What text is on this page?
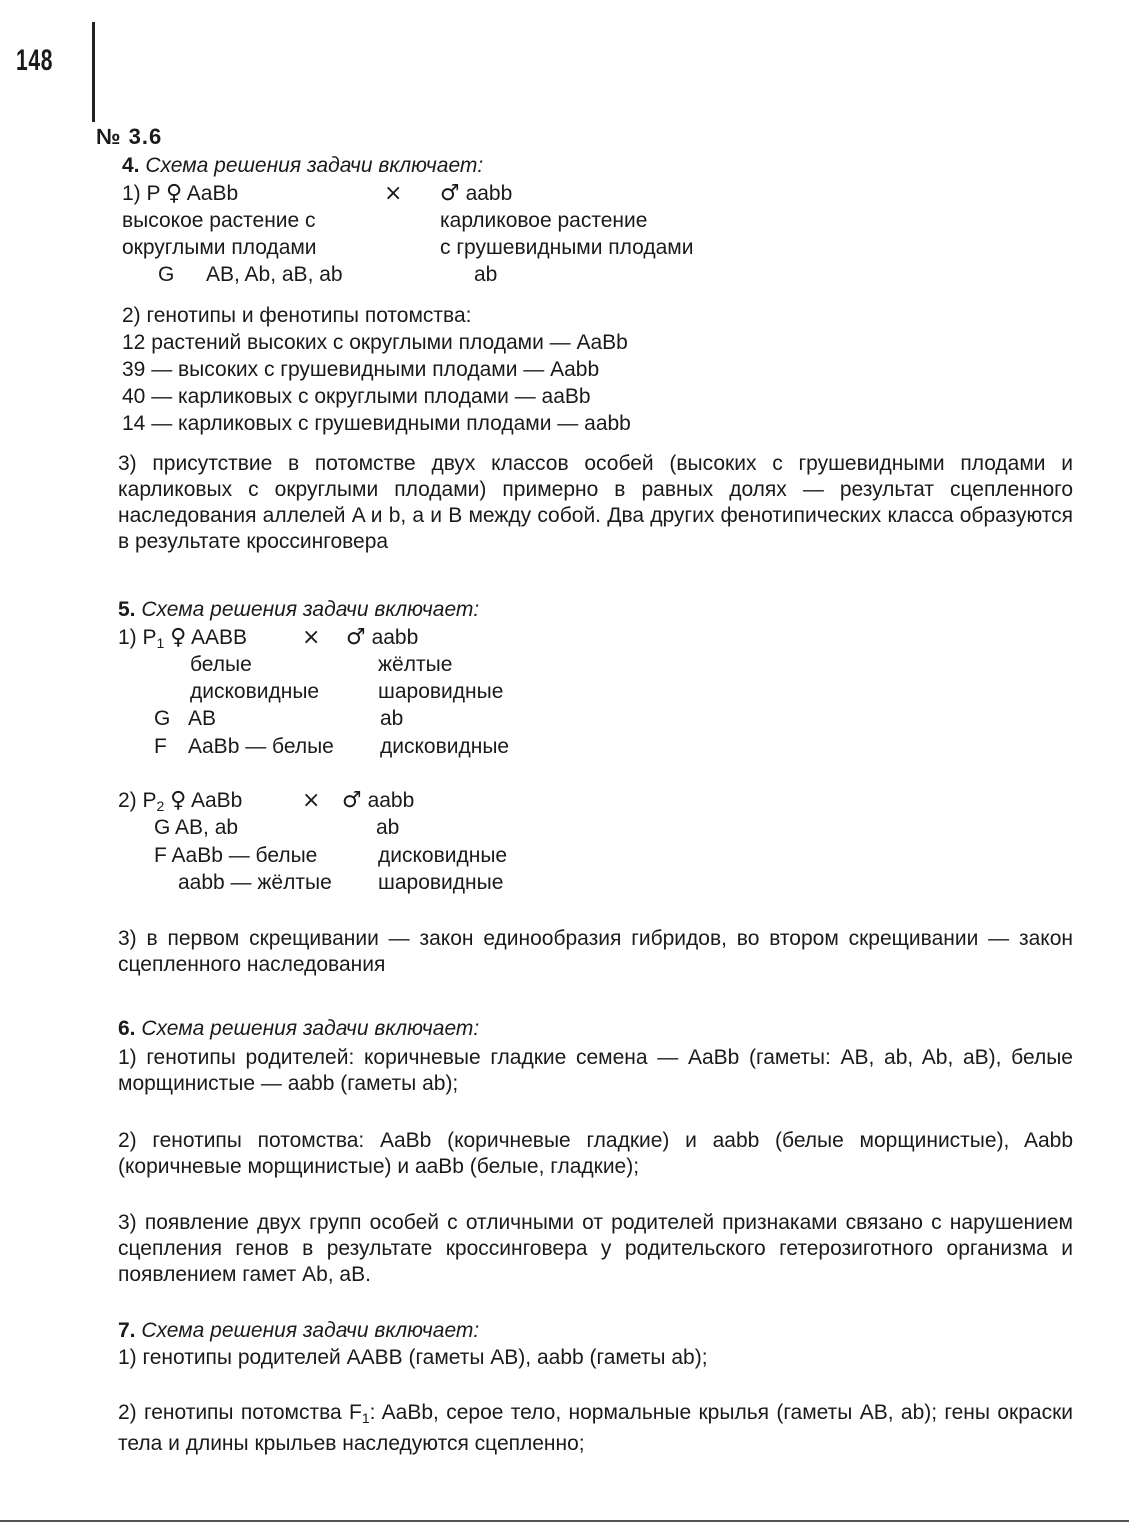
148
№ 3.6
4. Схема решения задачи включает:
1) P ♀ AaBb	× ♂ aabb
высокое растение с	карликовое растение
округлыми плодами	с грушевидными плодами
G AB, Ab, aB, ab	ab
2) генотипы и фенотипы потомства:
12 растений высоких с округлыми плодами — AaBb
39 — высоких с грушевидными плодами — Aabb
40 — карликовых с округлыми плодами — aaBb
14 — карликовых с грушевидными плодами — aabb
3) присутствие в потомстве двух классов особей (высоких с грушевидными плодами и карликовых с округлыми плодами) примерно в равных долях — результат сцепленного наследования аллелей A и b, a и B между собой. Два других фенотипических класса образуются в результате кроссинговера
5. Схема решения задачи включает:
1) $P_1$ ♀ AABB	× ♂ aabb
белые	жёлтые
дисковидные	шаровидные
G AB	ab
F AaBb — белые дисковидные
2) $P_2$ ♀ AaBb	× ♂ aabb
G AB, ab	ab
F AaBb — белые	дисковидные
aabb — жёлтые шаровидные
3) в первом скрещивании — закон единообразия гибридов, во втором скрещивании — закон сцепленного наследования
6. Схема решения задачи включает:
1) генотипы родителей: коричневые гладкие семена — AaBb (гаметы: AB, ab, Ab, aB), белые морщинистые — aabb (гаметы ab);
2) генотипы потомства: AaBb (коричневые гладкие) и aabb (белые морщинистые), Aabb (коричневые морщинистые) и aaBb (белые, гладкие);
3) появление двух групп особей с отличными от родителей признаками связано с нарушением сцепления генов в результате кроссинговера у родительского гетерозиготного организма и появлением гамет Ab, aB.
7. Схема решения задачи включает:
1) генотипы родителей AABB (гаметы AB), aabb (гаметы ab);
2) генотипы потомства $F_1$: AaBb, серое тело, нормальные крылья (гаметы AB, ab); гены окраски тела и длины крыльев наследуются сцепленно;
